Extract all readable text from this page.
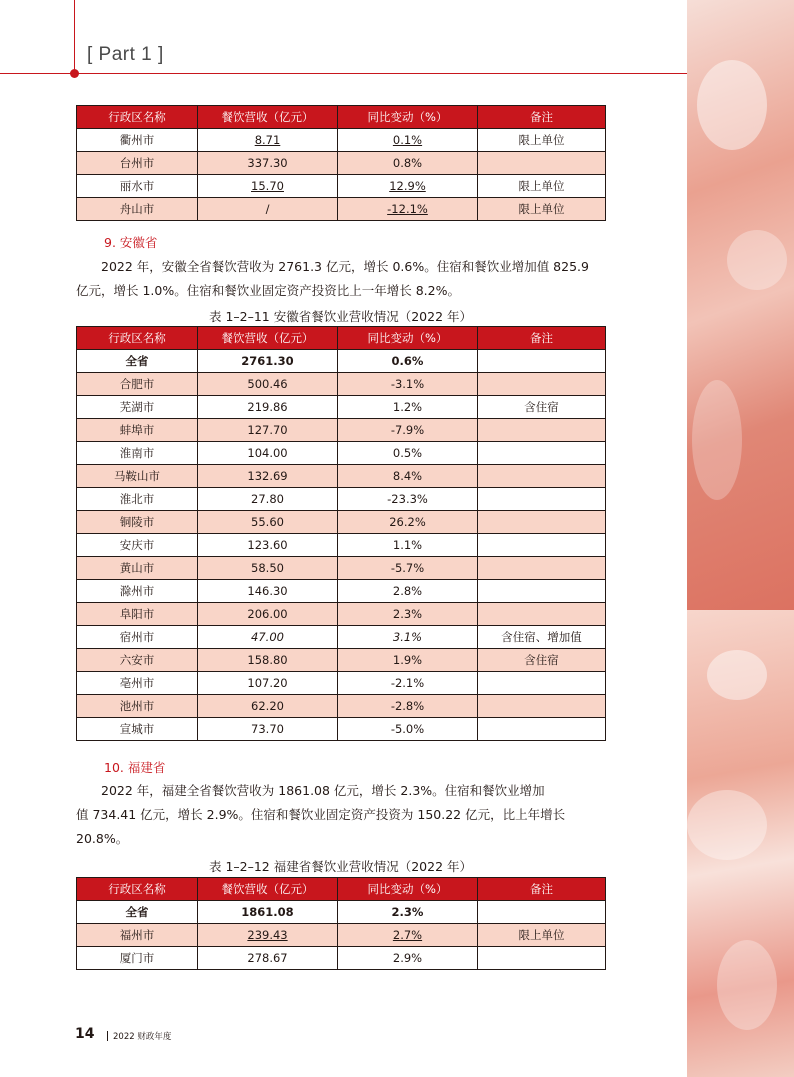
[ Part 1 ]
行政区名称	餐饮营收（亿元）	同比变动（%）	备注
衢州市	8.71	0.1%	限上单位
台州市	337.30	0.8%	
丽水市	15.70	12.9%	限上单位
舟山市	/	-12.1%	限上单位
9. 安徽省
2022 年，安徽全省餐饮营收为 2761.3 亿元，增长 0.6%。住宿和餐饮业增加值 825.9
亿元，增长 1.0%。住宿和餐饮业固定资产投资比上一年增长 8.2%。
表 1–2–11 安徽省餐饮业营收情况（2022 年）
行政区名称	餐饮营收（亿元）	同比变动（%）	备注
全省	2761.30	0.6%	
合肥市	500.46	-3.1%	
芜湖市	219.86	1.2%	含住宿
蚌埠市	127.70	-7.9%	
淮南市	104.00	0.5%	
马鞍山市	132.69	8.4%	
淮北市	27.80	-23.3%	
铜陵市	55.60	26.2%	
安庆市	123.60	1.1%	
黄山市	58.50	-5.7%	
滁州市	146.30	2.8%	
阜阳市	206.00	2.3%	
宿州市	47.00	3.1%	含住宿、增加值
六安市	158.80	1.9%	含住宿
亳州市	107.20	-2.1%	
池州市	62.20	-2.8%	
宣城市	73.70	-5.0%	
10. 福建省
2022 年，福建全省餐饮营收为 1861.08 亿元，增长 2.3%。住宿和餐饮业增加
值 734.41 亿元，增长 2.9%。住宿和餐饮业固定资产投资为 150.22 亿元，比上年增长
20.8%。
表 1–2–12 福建省餐饮业营收情况（2022 年）
行政区名称	餐饮营收（亿元）	同比变动（%）	备注
全省	1861.08	2.3%	
福州市	239.43	2.7%	限上单位
厦门市	278.67	2.9%	
14 2022 财政年度
